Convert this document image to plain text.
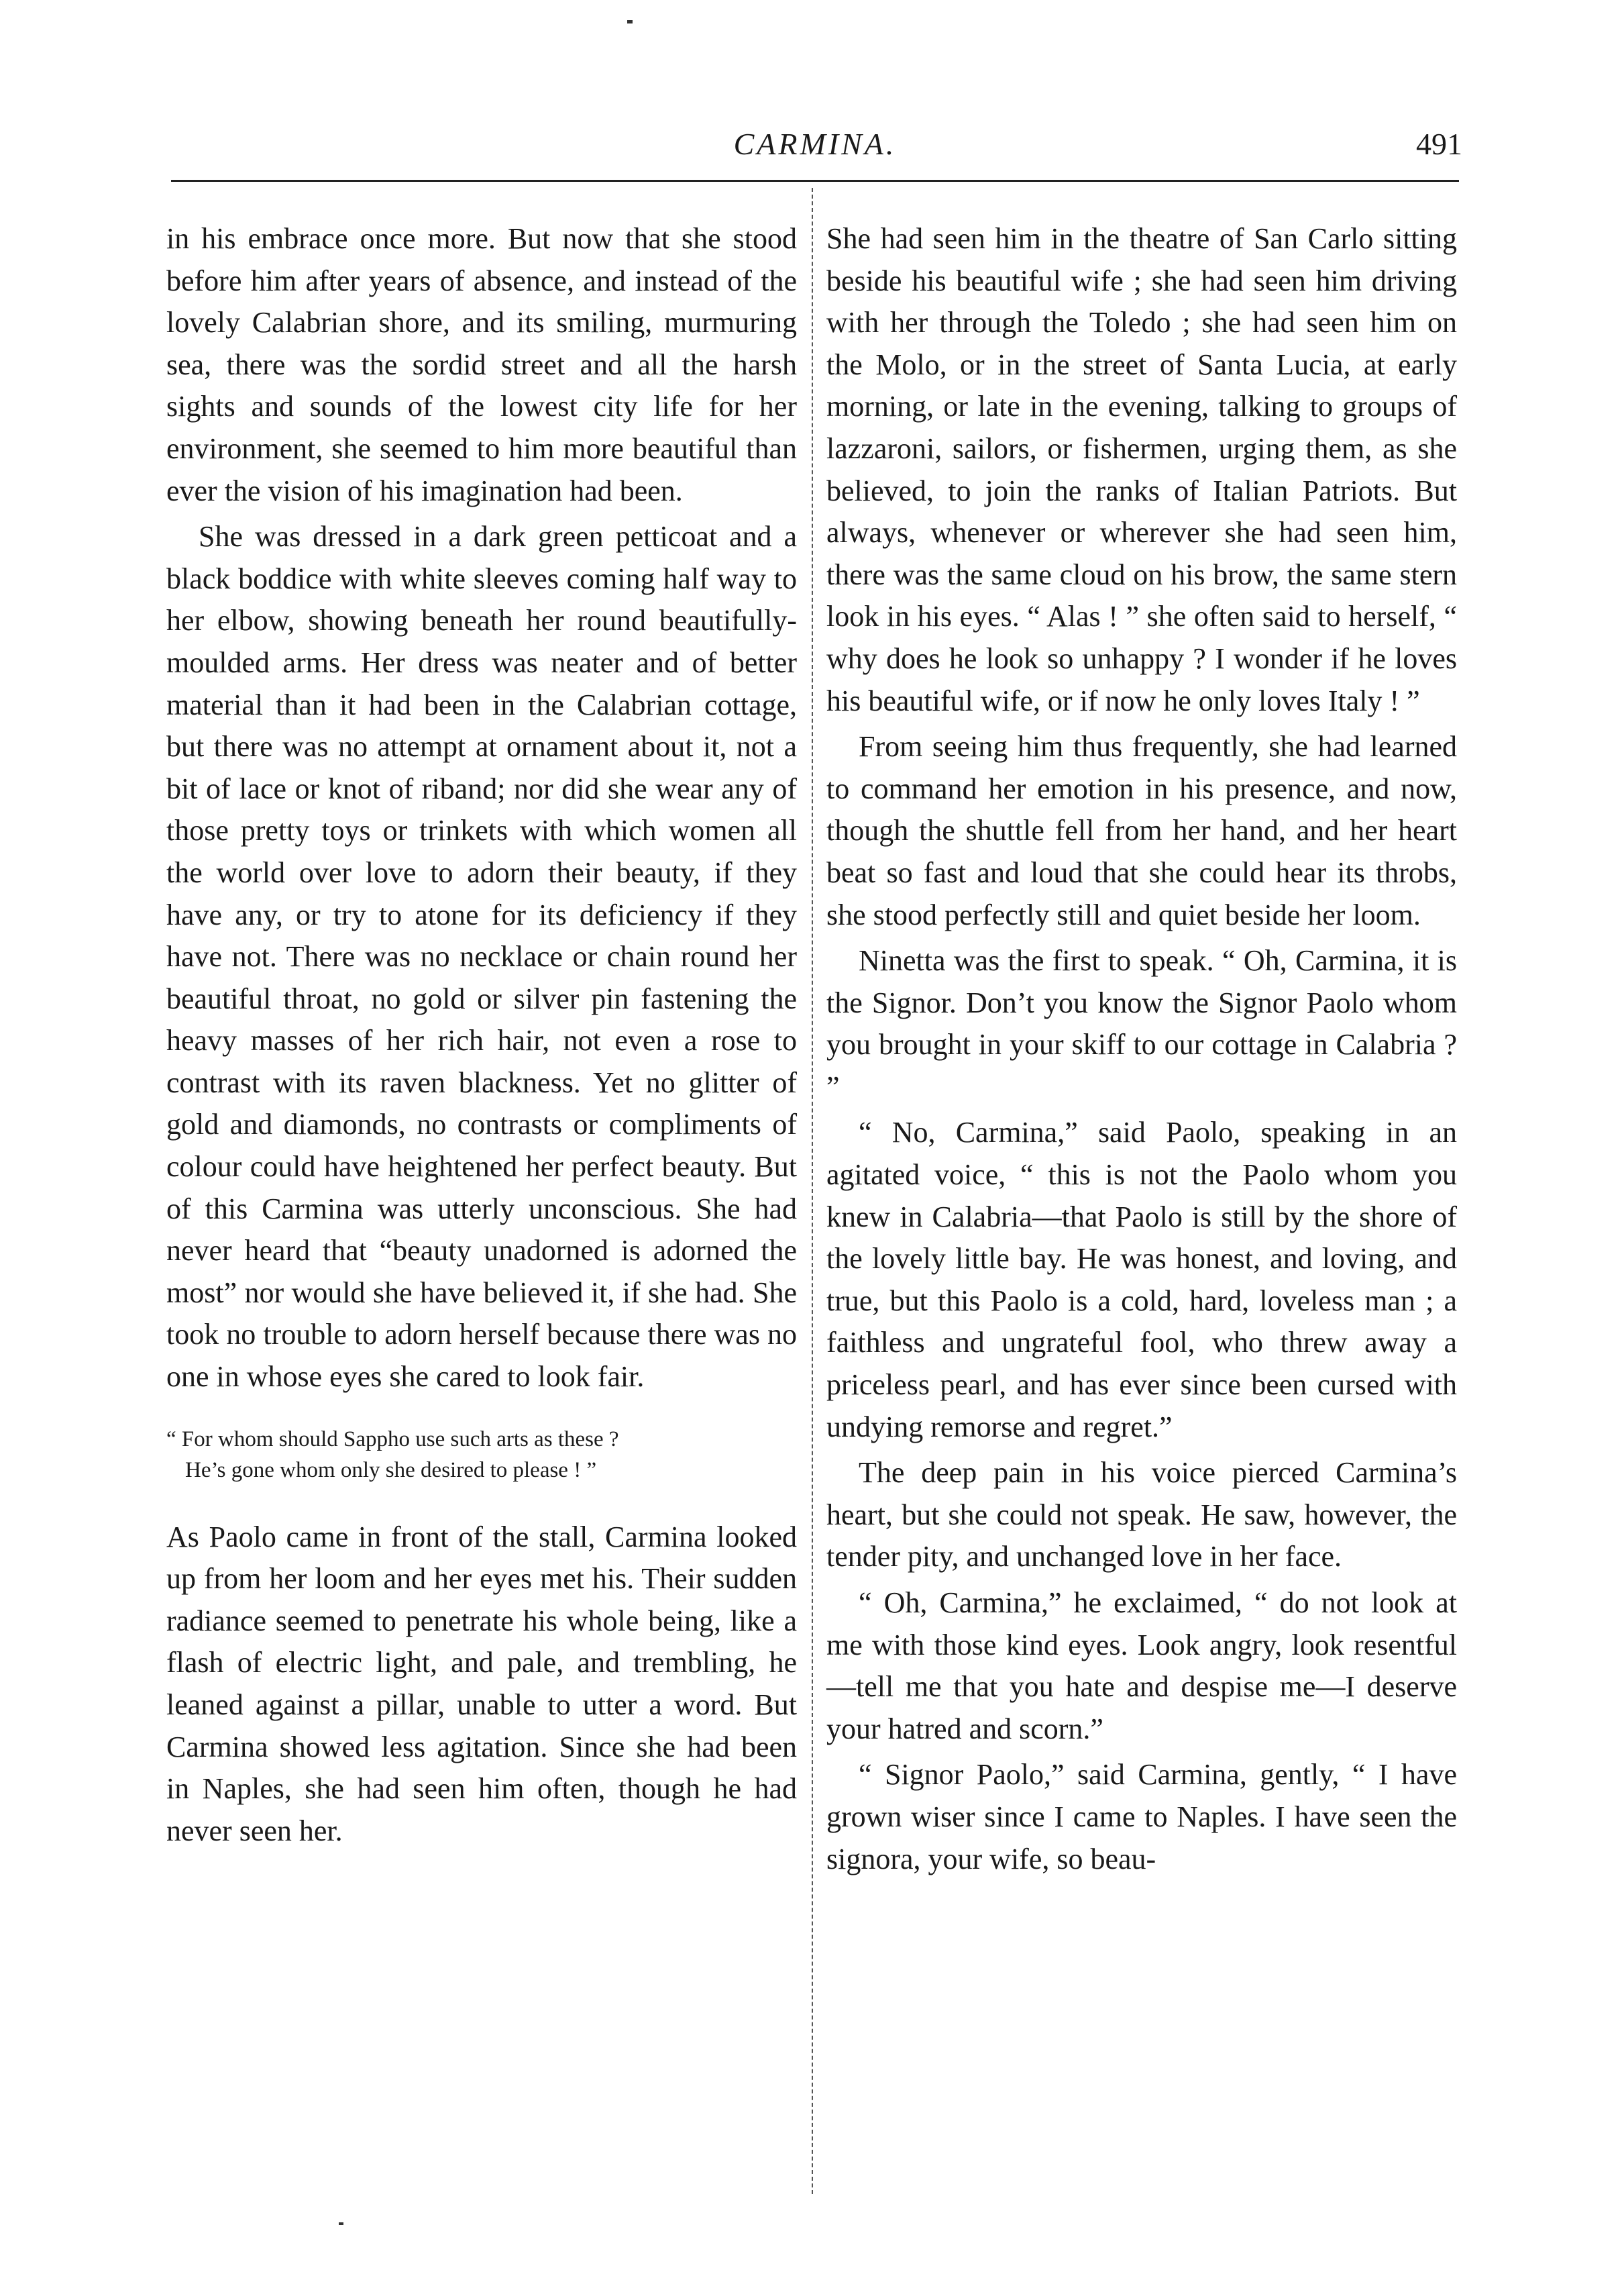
CARMINA.	491

in his embrace once more. But now that she stood before him after years of absence, and instead of the lovely Calabrian shore, and its smiling, murmuring sea, there was the sordid street and all the harsh sights and sounds of the lowest city life for her environment, she seemed to him more beautiful than ever the vision of his imagination had been.

She was dressed in a dark green petticoat and a black boddice with white sleeves coming half way to her elbow, showing beneath her round beautifully-moulded arms. Her dress was neater and of better material than it had been in the Calabrian cottage, but there was no attempt at ornament about it, not a bit of lace or knot of riband; nor did she wear any of those pretty toys or trinkets with which women all the world over love to adorn their beauty, if they have any, or try to atone for its deficiency if they have not. There was no necklace or chain round her beautiful throat, no gold or silver pin fastening the heavy masses of her rich hair, not even a rose to contrast with its raven blackness. Yet no glitter of gold and diamonds, no contrasts or compliments of colour could have heightened her perfect beauty. But of this Carmina was utterly unconscious. She had never heard that “beauty unadorned is adorned the most” nor would she have believed it, if she had. She took no trouble to adorn herself because there was no one in whose eyes she cared to look fair.

“ For whom should Sappho use such arts as these ?
He’s gone whom only she desired to please ! ”

As Paolo came in front of the stall, Carmina looked up from her loom and her eyes met his. Their sudden radiance seemed to penetrate his whole being, like a flash of electric light, and pale, and trembling, he leaned against a pillar, unable to utter a word. But Carmina showed less agitation. Since she had been in Naples, she had seen him often, though he had never seen her.

She had seen him in the theatre of San Carlo sitting beside his beautiful wife ; she had seen him driving with her through the Toledo ; she had seen him on the Molo, or in the street of Santa Lucia, at early morning, or late in the evening, talking to groups of lazzaroni, sailors, or fishermen, urging them, as she believed, to join the ranks of Italian Patriots. But always, whenever or wherever she had seen him, there was the same cloud on his brow, the same stern look in his eyes. “ Alas ! ” she often said to herself, “ why does he look so unhappy ? I wonder if he loves his beautiful wife, or if now he only loves Italy ! ”

From seeing him thus frequently, she had learned to command her emotion in his presence, and now, though the shuttle fell from her hand, and her heart beat so fast and loud that she could hear its throbs, she stood perfectly still and quiet beside her loom.

Ninetta was the first to speak. “ Oh, Carmina, it is the Signor. Don’t you know the Signor Paolo whom you brought in your skiff to our cottage in Calabria ? ”

“ No, Carmina,” said Paolo, speaking in an agitated voice, “ this is not the Paolo whom you knew in Calabria—that Paolo is still by the shore of the lovely little bay. He was honest, and loving, and true, but this Paolo is a cold, hard, loveless man ; a faithless and ungrateful fool, who threw away a priceless pearl, and has ever since been cursed with undying remorse and regret.”

The deep pain in his voice pierced Carmina’s heart, but she could not speak. He saw, however, the tender pity, and unchanged love in her face.

“ Oh, Carmina,” he exclaimed, “ do not look at me with those kind eyes. Look angry, look resentful—tell me that you hate and despise me—I deserve your hatred and scorn.”

“ Signor Paolo,” said Carmina, gently, “ I have grown wiser since I came to Naples. I have seen the signora, your wife, so beau-
